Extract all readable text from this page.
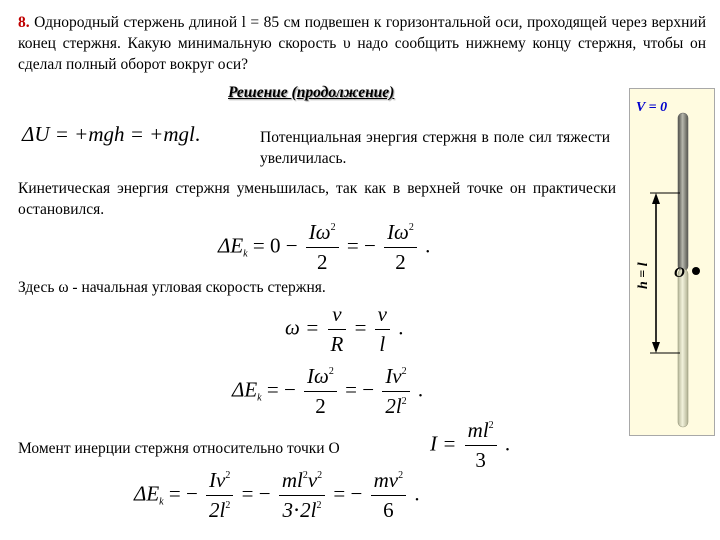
8. Однородный стержень длиной l = 85 см подвешен к горизонтальной оси, проходящей через верхний конец стержня. Какую минимальную скорость υ надо сообщить нижнему концу стержня, чтобы он сделал полный оборот вокруг оси?
Решение (продолжение)
ΔU = +mgh = +mgl.	Потенциальная энергия стержня в поле сил тяжести увеличилась.
Кинетическая энергия стержня уменьшилась, так как в верхней точке он практически остановился.
$\Delta E_k = 0 - \frac{I\omega^2}{2}$ = − $\frac{I\omega^2}{2}$ .
Здесь ω - начальная угловая скорость стержня.
$\omega = \frac{v}{R} = \frac{v}{l}$ .
$\Delta E_k$ = − $\frac{I\omega^2}{2}$ = − $\frac{Iv^2}{2l^2}$ .
Момент инерции стержня относительно точки О	$I = \frac{ml^2}{3}$ .
$\Delta E_k$ = − $\frac{Iv^2}{2l^2}$ = − $\frac{ml^2v^2}{3\cdot 2l^2}$ = − $\frac{mv^2}{6}$ .
O
V = 0
h = l
